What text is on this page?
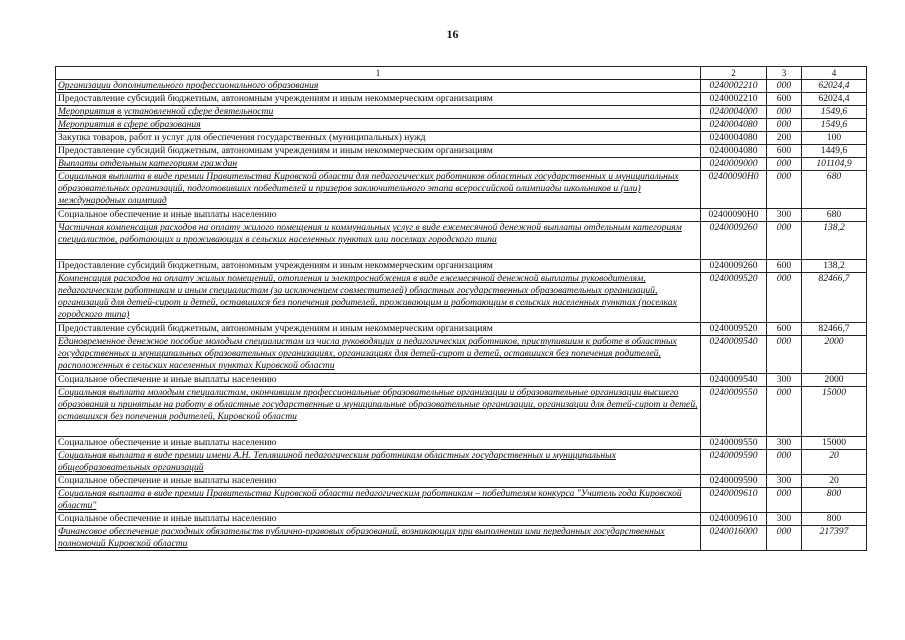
16
1	2	3	4
Организации дополнительного профессионального образования	0240002210	000	62024,4
Предоставление субсидий бюджетным, автономным учреждениям и иным некоммерческим организациям	0240002210	600	62024,4
Мероприятия в установленной сфере деятельности	0240004000	000	1549,6
Мероприятия в сфере образования	0240004080	000	1549,6
Закупка товаров, работ и услуг для обеспечения государственных (муниципальных) нужд	0240004080	200	100
Предоставление субсидий бюджетным, автономным учреждениям и иным некоммерческим организациям	0240004080	600	1449,6
Выплаты отдельным категориям граждан	0240009000	000	101104,9
Социальная выплата в виде премии Правительства Кировской области для педагогических работников областных государственных и муниципальных образовательных организаций, подготовивших победителей и призеров заключительного этапа всероссийской олимпиады школьников и (или) международных олимпиад	02400090Н0	000	680
Социальное обеспечение и иные выплаты населению	02400090Н0	300	680
Частичная компенсация расходов на оплату жилого помещения и коммунальных услуг в виде ежемесячной денежной выплаты отдельным категориям специалистов, работающих и проживающих в сельских населенных пунктах или поселках городского типа	0240009260	000	138,2
Предоставление субсидий бюджетным, автономным учреждениям и иным некоммерческим организациям	0240009260	600	138,2
Компенсация расходов на оплату жилых помещений, отопления и электроснабжения в виде ежемесячной денежной выплаты руководителям, педагогическим работникам и иным специалистам (за исключением совместителей) областных государственных образовательных организаций, организаций для детей-сирот и детей, оставшихся без попечения родителей, проживающим и работающим в сельских населенных пунктах (поселках городского типа)	0240009520	000	82466,7
Предоставление субсидий бюджетным, автономным учреждениям и иным некоммерческим организациям	0240009520	600	82466,7
Единовременное денежное пособие молодым специалистам из числа руководящих и педагогических работников, приступившим к работе в областных государственных и муниципальных образовательных организациях, организациях для детей-сирот и детей, оставшихся без попечения родителей, расположенных в сельских населенных пунктах Кировской области	0240009540	000	2000
Социальное обеспечение и иные выплаты населению	0240009540	300	2000
Социальная выплата молодым специалистам, окончившим профессиональные образовательные организации и образовательные организации высшего образования и принятым на работу в областные государственные и муниципальные образовательные организации, организации для детей-сирот и детей, оставшихся без попечения родителей, Кировской области	0240009550	000	15000
Социальное обеспечение и иные выплаты населению	0240009550	300	15000
Социальная выплата в виде премии имени А.Н. Тепляшиной педагогическим работникам областных государственных и муниципальных общеобразовательных организаций	0240009590	000	20
Социальное обеспечение и иные выплаты населению	0240009590	300	20
Социальная выплата в виде премии Правительства Кировской области педагогическим работникам – победителям конкурса "Учитель года Кировской области"	0240009610	000	800
Социальное обеспечение и иные выплаты населению	0240009610	300	800
Финансовое обеспечение расходных обязательств публично-правовых образований, возникающих при выполнении ими переданных государственных полномочий Кировской области	0240016000	000	217397
